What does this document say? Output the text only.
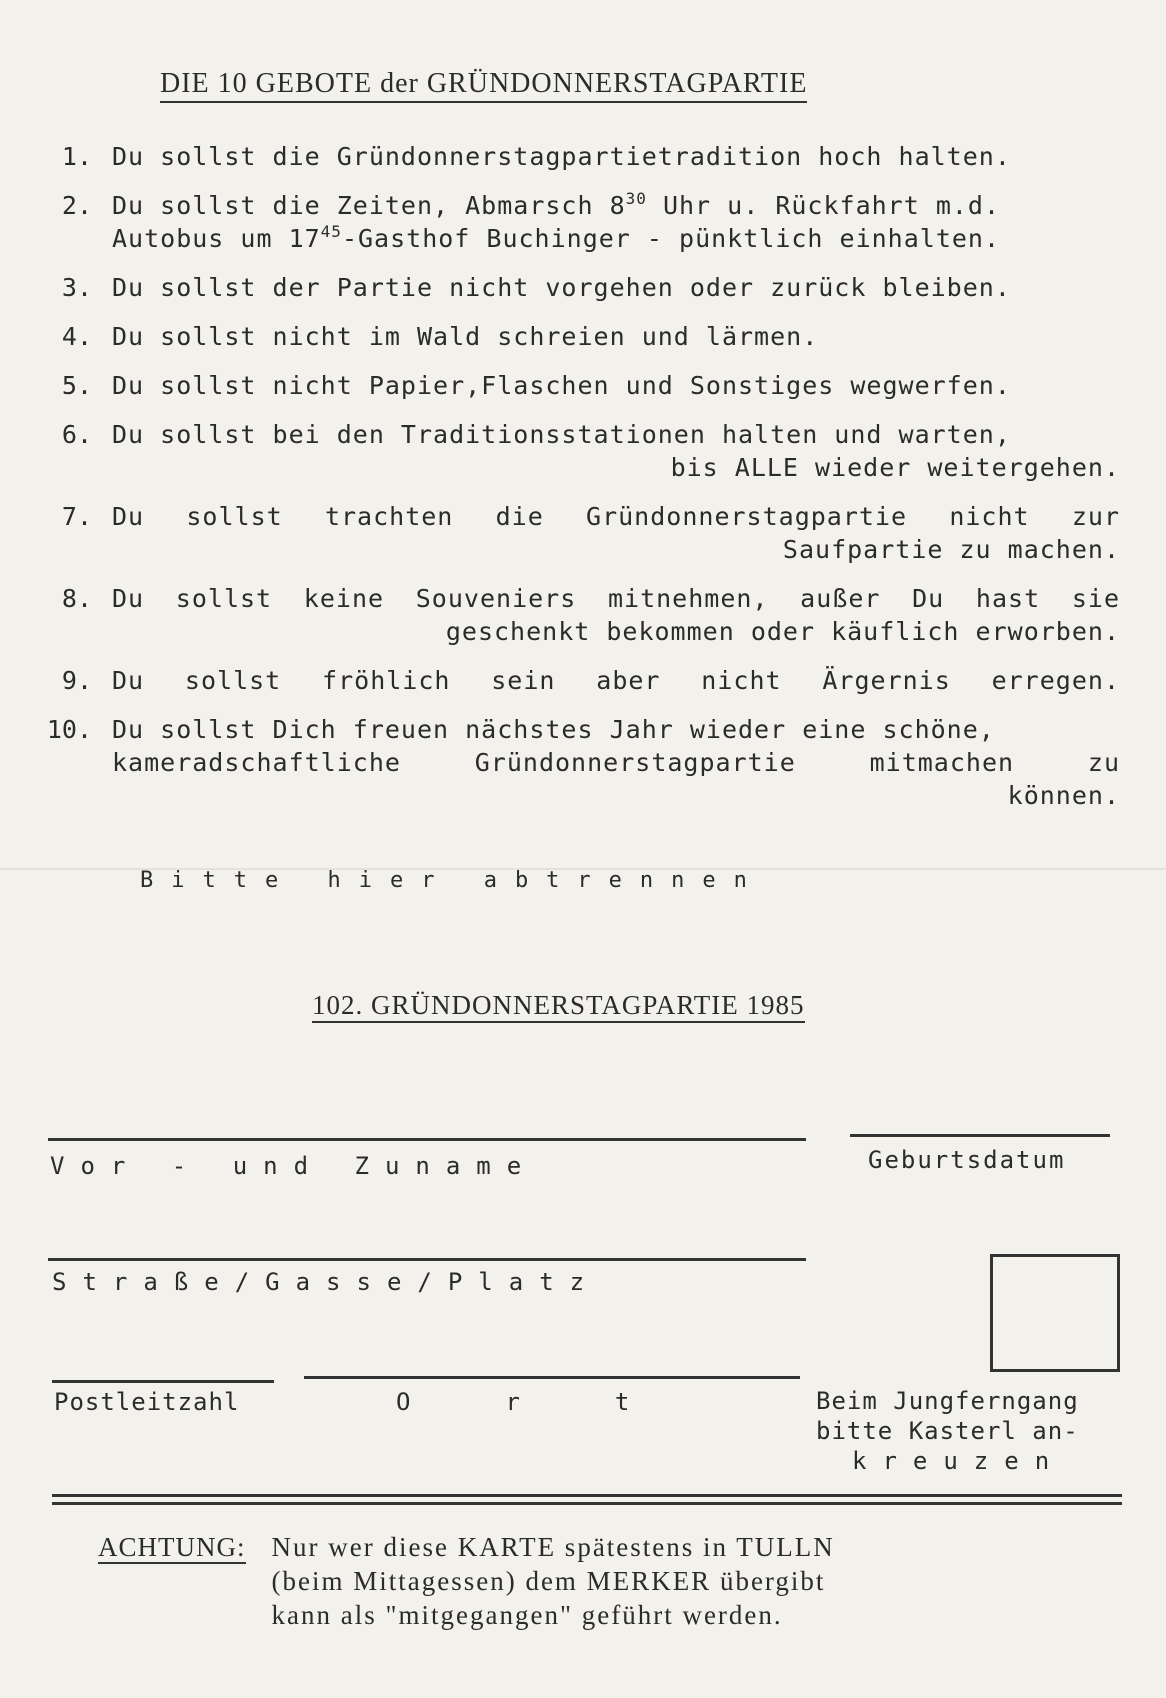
DIE 10 GEBOTE der GRÜNDONNERSTAGPARTIE
1. Du sollst die Gründonnerstagpartietradition hoch halten.
2. Du sollst die Zeiten, Abmarsch $8^{30}$ Uhr u. Rückfahrt m.d.
Autobus um $17^{45}$-Gasthof Buchinger - pünktlich einhalten.
3. Du sollst der Partie nicht vorgehen oder zurück bleiben.
4. Du sollst nicht im Wald schreien und lärmen.
5. Du sollst nicht Papier,Flaschen und Sonstiges wegwerfen.
6. Du sollst bei den Traditionsstationen halten und warten,
bis ALLE wieder weitergehen.
7. Du sollst trachten die Gründonnerstagpartie nicht zur
Saufpartie zu machen.
8. Du sollst keine Souveniers mitnehmen, außer Du hast sie
geschenkt bekommen oder käuflich erworben.
9. Du sollst fröhlich sein aber nicht Ärgernis erregen.
10. Du sollst Dich freuen nächstes Jahr wieder eine schöne,
kameradschaftliche Gründonnerstagpartie mitmachen zu
können.
Bitte hier abtrennen
102. GRÜNDONNERSTAGPARTIE 1985
Vor - und Zuname	Geburtsdatum
Straße/Gasse/Platz
Postleitzahl	Ort	Beim Jungferngang
bitte Kasterl an-
kreuzen
ACHTUNG: Nur wer diese KARTE spätestens in TULLN
(beim Mittagessen) dem MERKER übergibt
kann als "mitgegangen" geführt werden.
